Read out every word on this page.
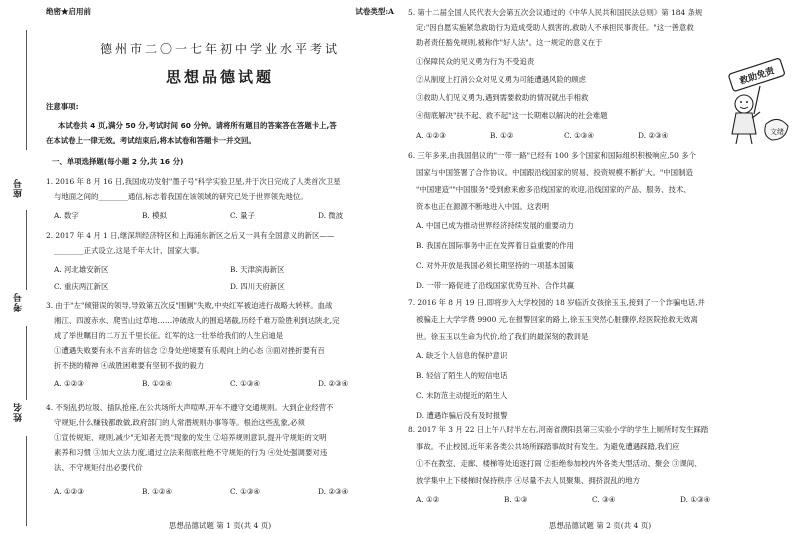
座号
考号
姓名
绝密★启用前	试卷类型:A
德州市二〇一七年初中学业水平考试
思想品德试题
注意事项:
本试卷共 4 页,满分 50 分,考试时间 60 分钟。请将所有题目的答案答在答题卡上,答
在本试卷上一律无效。考试结束后,将本试卷和答题卡一并交回。
一、单项选择题(每小题 2 分,共 16 分)
1. 2016 年 8 月 16 日,我国成功发射"墨子号"科学实验卫星,并于次日完成了人类首次卫星
与地面之间的________通信,标志着我国在该领域的研究已处于世界领先地位。
A. 数字	B. 模拟	C. 量子	D. 微波
2. 2017 年 4 月 1 日,继深圳经济特区和上海浦东新区之后又一具有全国意义的新区——
________正式设立,这是千年大计、国家大事。
A. 河北雄安新区	B. 天津滨海新区
C. 重庆两江新区	D. 四川天府新区
3. 由于"左"倾错误的领导,导致第五次反"围剿"失败,中央红军被迫进行战略大转移。血战
湘江、四渡赤水、爬雪山过草地……冲破敌人的围追堵截,历经千难万险胜利到达陕北,完
成了举世瞩目的二万五千里长征。红军的这一壮举给我们的人生启迪是
①遭遇失败要有永不言弃的信念 ②身处逆境要有乐观向上的心态 ③面对挫折要有百
折不挠的精神 ④战胜困难要有坚韧不拔的毅力
A. ①②③	B. ①②④	C. ①③④	D. ②③④
4. 不刻乱扔垃圾、插队抢座,在公共场所大声喧哗,开车不遵守交通规则。大到企业经营不
守规矩,什么赚钱都敢做,政府部门的人常潜规则办事等等。根治这些乱象,必须
①宣传规矩、规则,减少"无知者无畏"现象的发生 ②培养规则意识,提升守规矩的文明
素养和习惯 ③加大立法力度,通过立法来彻底杜绝不守规矩的行为 ④处处强调要对违
法、不守规矩付出必要代价
A. ①②③	B. ①②④	C. ①③④	D. ②③④
思想品德试题 第 1 页(共 4 页)
5. 第十二届全国人民代表大会第五次会议通过的《中华人民共和国民法总则》第 184 条规
定:"因自愿实施紧急救助行为造成受助人损害的,救助人不承担民事责任。"这一善意救
助者责任豁免规则,被称作"好人法"。这一规定的意义在于
①保障民众的见义勇为行为不受追责
②从制度上打消公众对见义勇为可能遭遇风险的顾虑
③救助人们见义勇为,遇到需要救助的情况就出手相救
④彻底解决"扶不起、救不起"这一长期难以解决的社会难题
A. ①②③	B. ①②	C. ①③④	D. ②③④
救助免责
文绪
6. 三年多来,由我国倡议的"一带一路"已经有 100 多个国家和国际组织积极响应,50 多个
国家与中国签署了合作协议。中国跟沿线国家的贸易、投资规模不断扩大。"中国制造
"中国建造""中国服务"受到愈来愈多沿线国家的欢迎,沿线国家的产品、服务、技术、
资本也正在源源不断地进入中国。这表明
A. 中国已成为推动世界经济持续发展的重要动力
B. 我国在国际事务中正在发挥着日益重要的作用
C. 对外开放是我国必须长期坚持的一项基本国策
D. 一带一路促进了沿线国家优势互补、合作共赢
7. 2016 年 8 月 19 日,即将步入大学校园的 18 岁临沂女孩徐玉玉,接到了一个诈骗电话,并
被骗走上大学学费 9900 元,在报警回家的路上,徐玉玉突然心脏骤停,经医院抢救无效离
世。徐玉玉以生命为代价,给了我们的最深刻的教训是
A. 缺乏个人信息的保护意识
B. 轻信了陌生人的短信电话
C. 未防范主动提近的陌生人
D. 遭遇诈骗后没有及时报警
8. 2017 年 3 月 22 日上午八时半左右,河南省濮阳县第三实验小学的学生上厕所时发生踩踏
事故。不止校园,近年来各类公共场所踩踏事故时有发生。为避免遭遇踩踏,我们应
①不在教室、走廊、楼梯等处追逐打闹 ②拒绝参加校内外各类大型活动、聚会 ③课间、
放学集中上下楼梯时保持秩序 ④尽量不去人员聚集、拥挤混乱的地方
A. ①②	B. ①③	C. ③④	D. ①③④
思想品德试题 第 2 页(共 4 页)
